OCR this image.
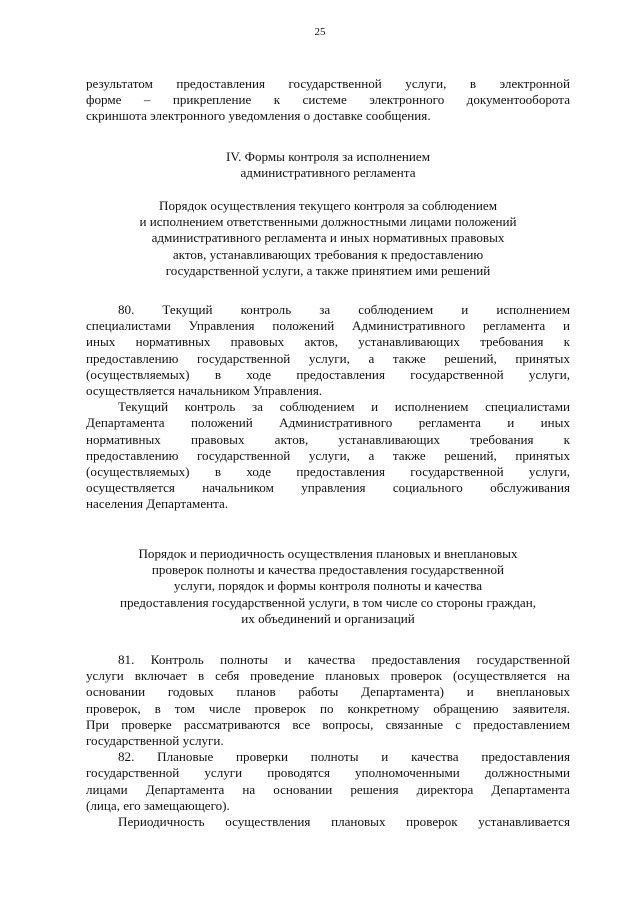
25
результатом предоставления государственной услуги, в электронной
форме – прикрепление к системе электронного документооборота
скриншота электронного уведомления о доставке сообщения.
IV. Формы контроля за исполнением
административного регламента
Порядок осуществления текущего контроля за соблюдением
и исполнением ответственными должностными лицами положений
административного регламента и иных нормативных правовых
актов, устанавливающих требования к предоставлению
государственной услуги, а также принятием ими решений
80. Текущий контроль за соблюдением и исполнением
специалистами Управления положений Административного регламента и
иных нормативных правовых актов, устанавливающих требования к
предоставлению государственной услуги, а также решений, принятых
(осуществляемых) в ходе предоставления государственной услуги,
осуществляется начальником Управления.
Текущий контроль за соблюдением и исполнением специалистами
Департамента положений Административного регламента и иных
нормативных правовых актов, устанавливающих требования к
предоставлению государственной услуги, а также решений, принятых
(осуществляемых) в ходе предоставления государственной услуги,
осуществляется начальником управления социального обслуживания
населения Департамента.
Порядок и периодичность осуществления плановых и внеплановых
проверок полноты и качества предоставления государственной
услуги, порядок и формы контроля полноты и качества
предоставления государственной услуги, в том числе со стороны граждан,
их объединений и организаций
81. Контроль полноты и качества предоставления государственной
услуги включает в себя проведение плановых проверок (осуществляется на
основании годовых планов работы Департамента) и внеплановых
проверок, в том числе проверок по конкретному обращению заявителя.
При проверке рассматриваются все вопросы, связанные с предоставлением
государственной услуги.
82. Плановые проверки полноты и качества предоставления
государственной услуги проводятся уполномоченными должностными
лицами Департамента на основании решения директора Департамента
(лица, его замещающего).
Периодичность осуществления плановых проверок устанавливается
